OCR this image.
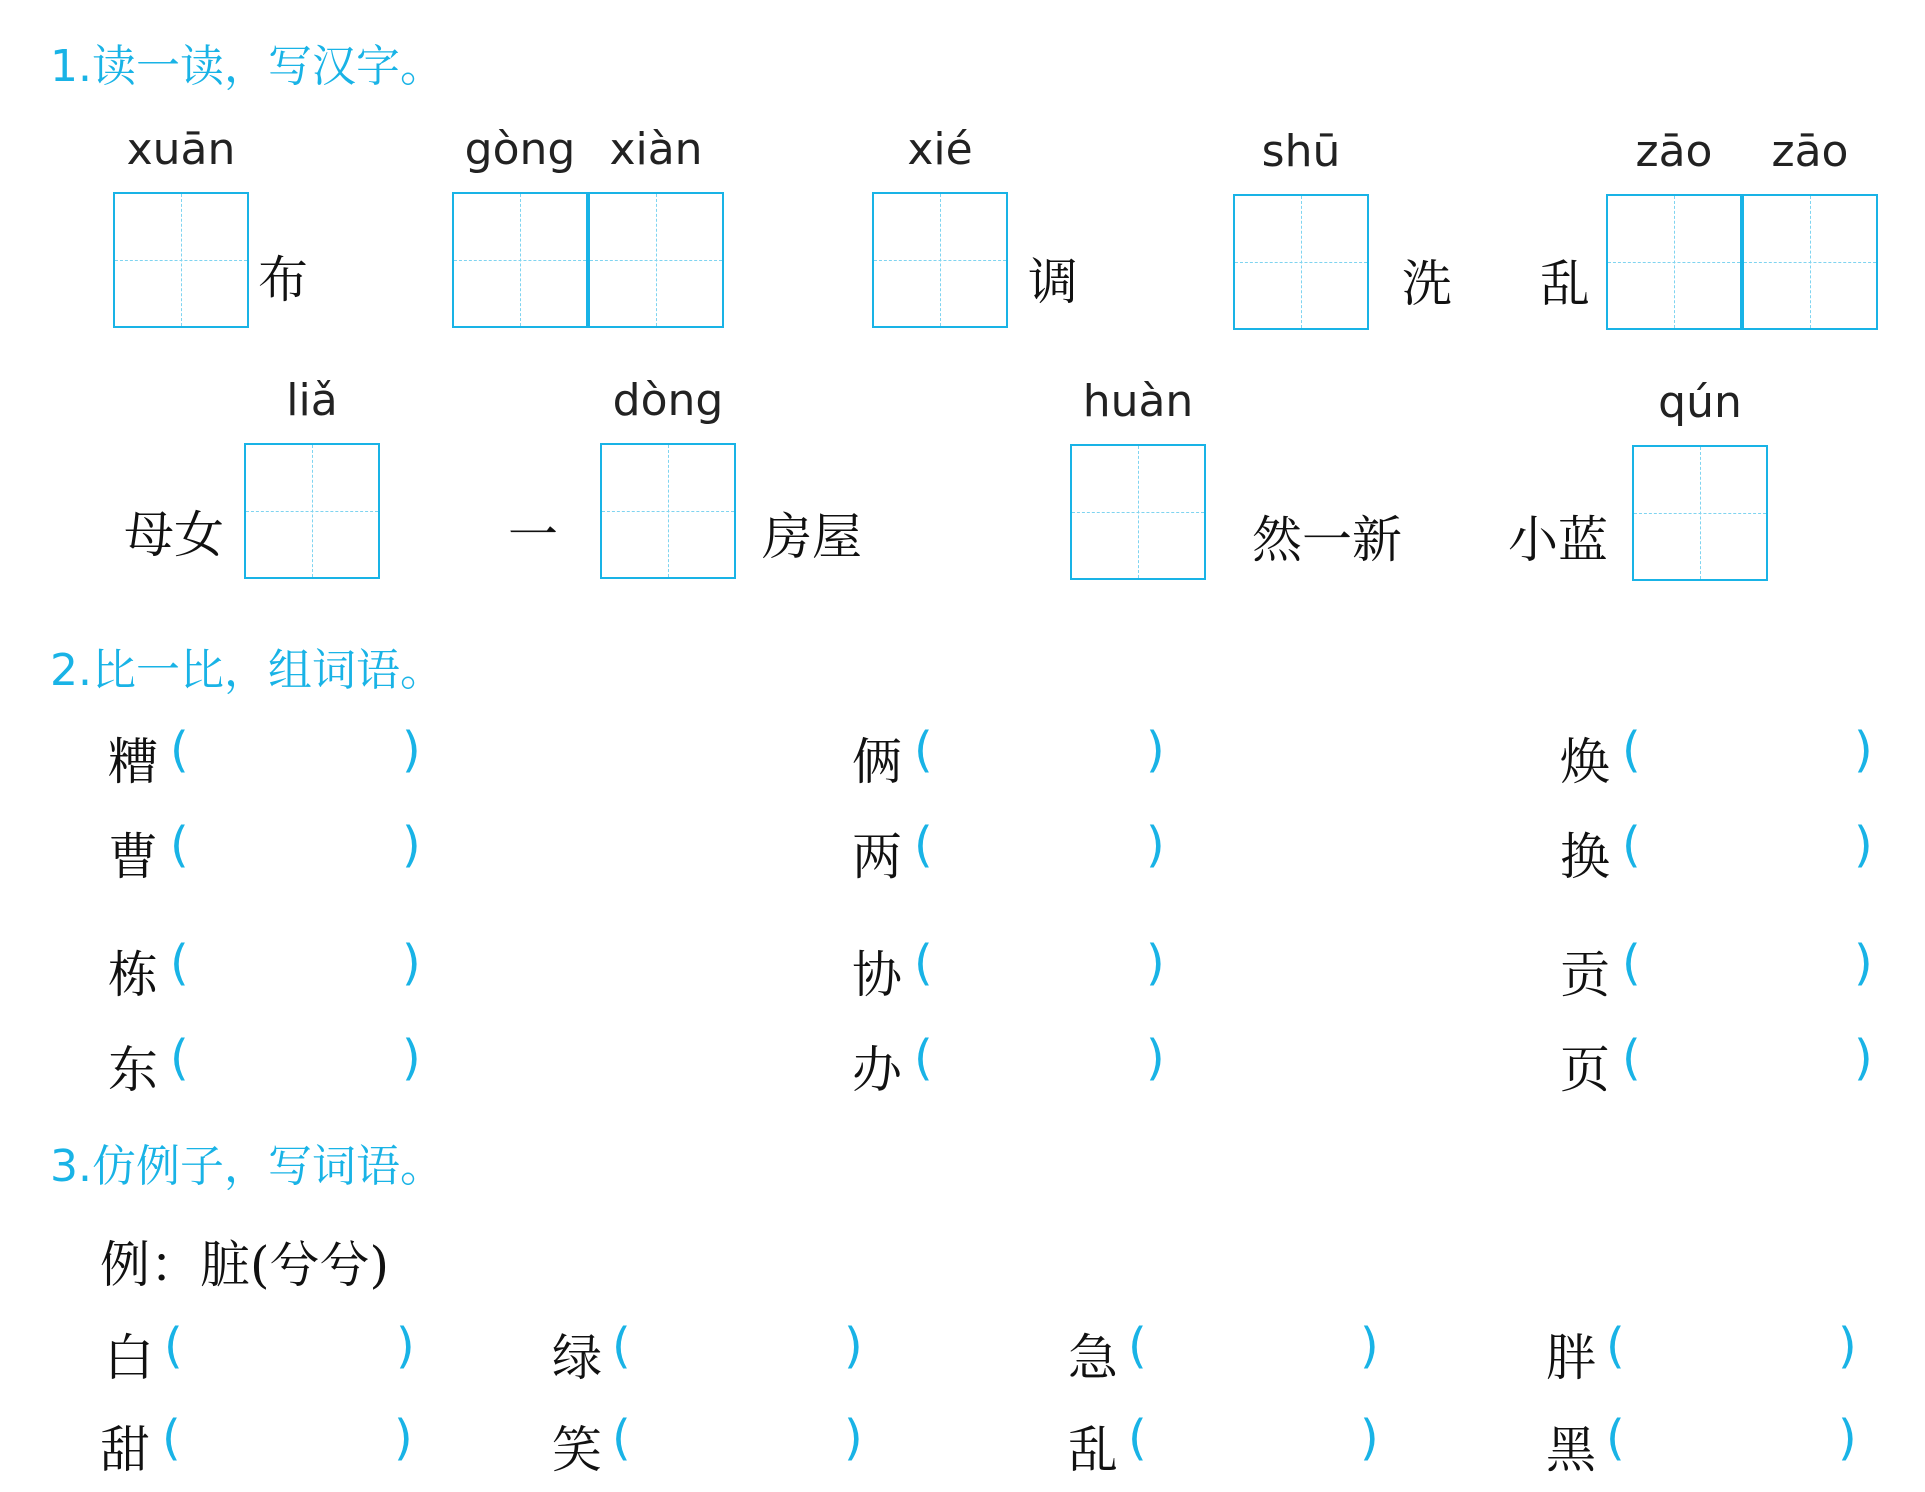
1.读一读，写汉字。
xuān
布
gòng xiàn	xié
调
shū
洗 乱
zāo	zāo
母女
liǎ
一
dòng
房屋
huàn
然一新 小蓝
qún
2.比一比，组词语。
糟 (	)	俩 (	)	焕 (	)
曹 (	)	两 (	)	换 (	)
栋 (	)	协 (	)	贡 (	)
东 (	)	办 (	)	页 (	)
3.仿例子，写词语。
例：脏(兮兮)
白 (	)	绿 (	)	急 (	)	胖 (	)
甜 (	)	笑 (	)	乱 (	)	黑 (	)
